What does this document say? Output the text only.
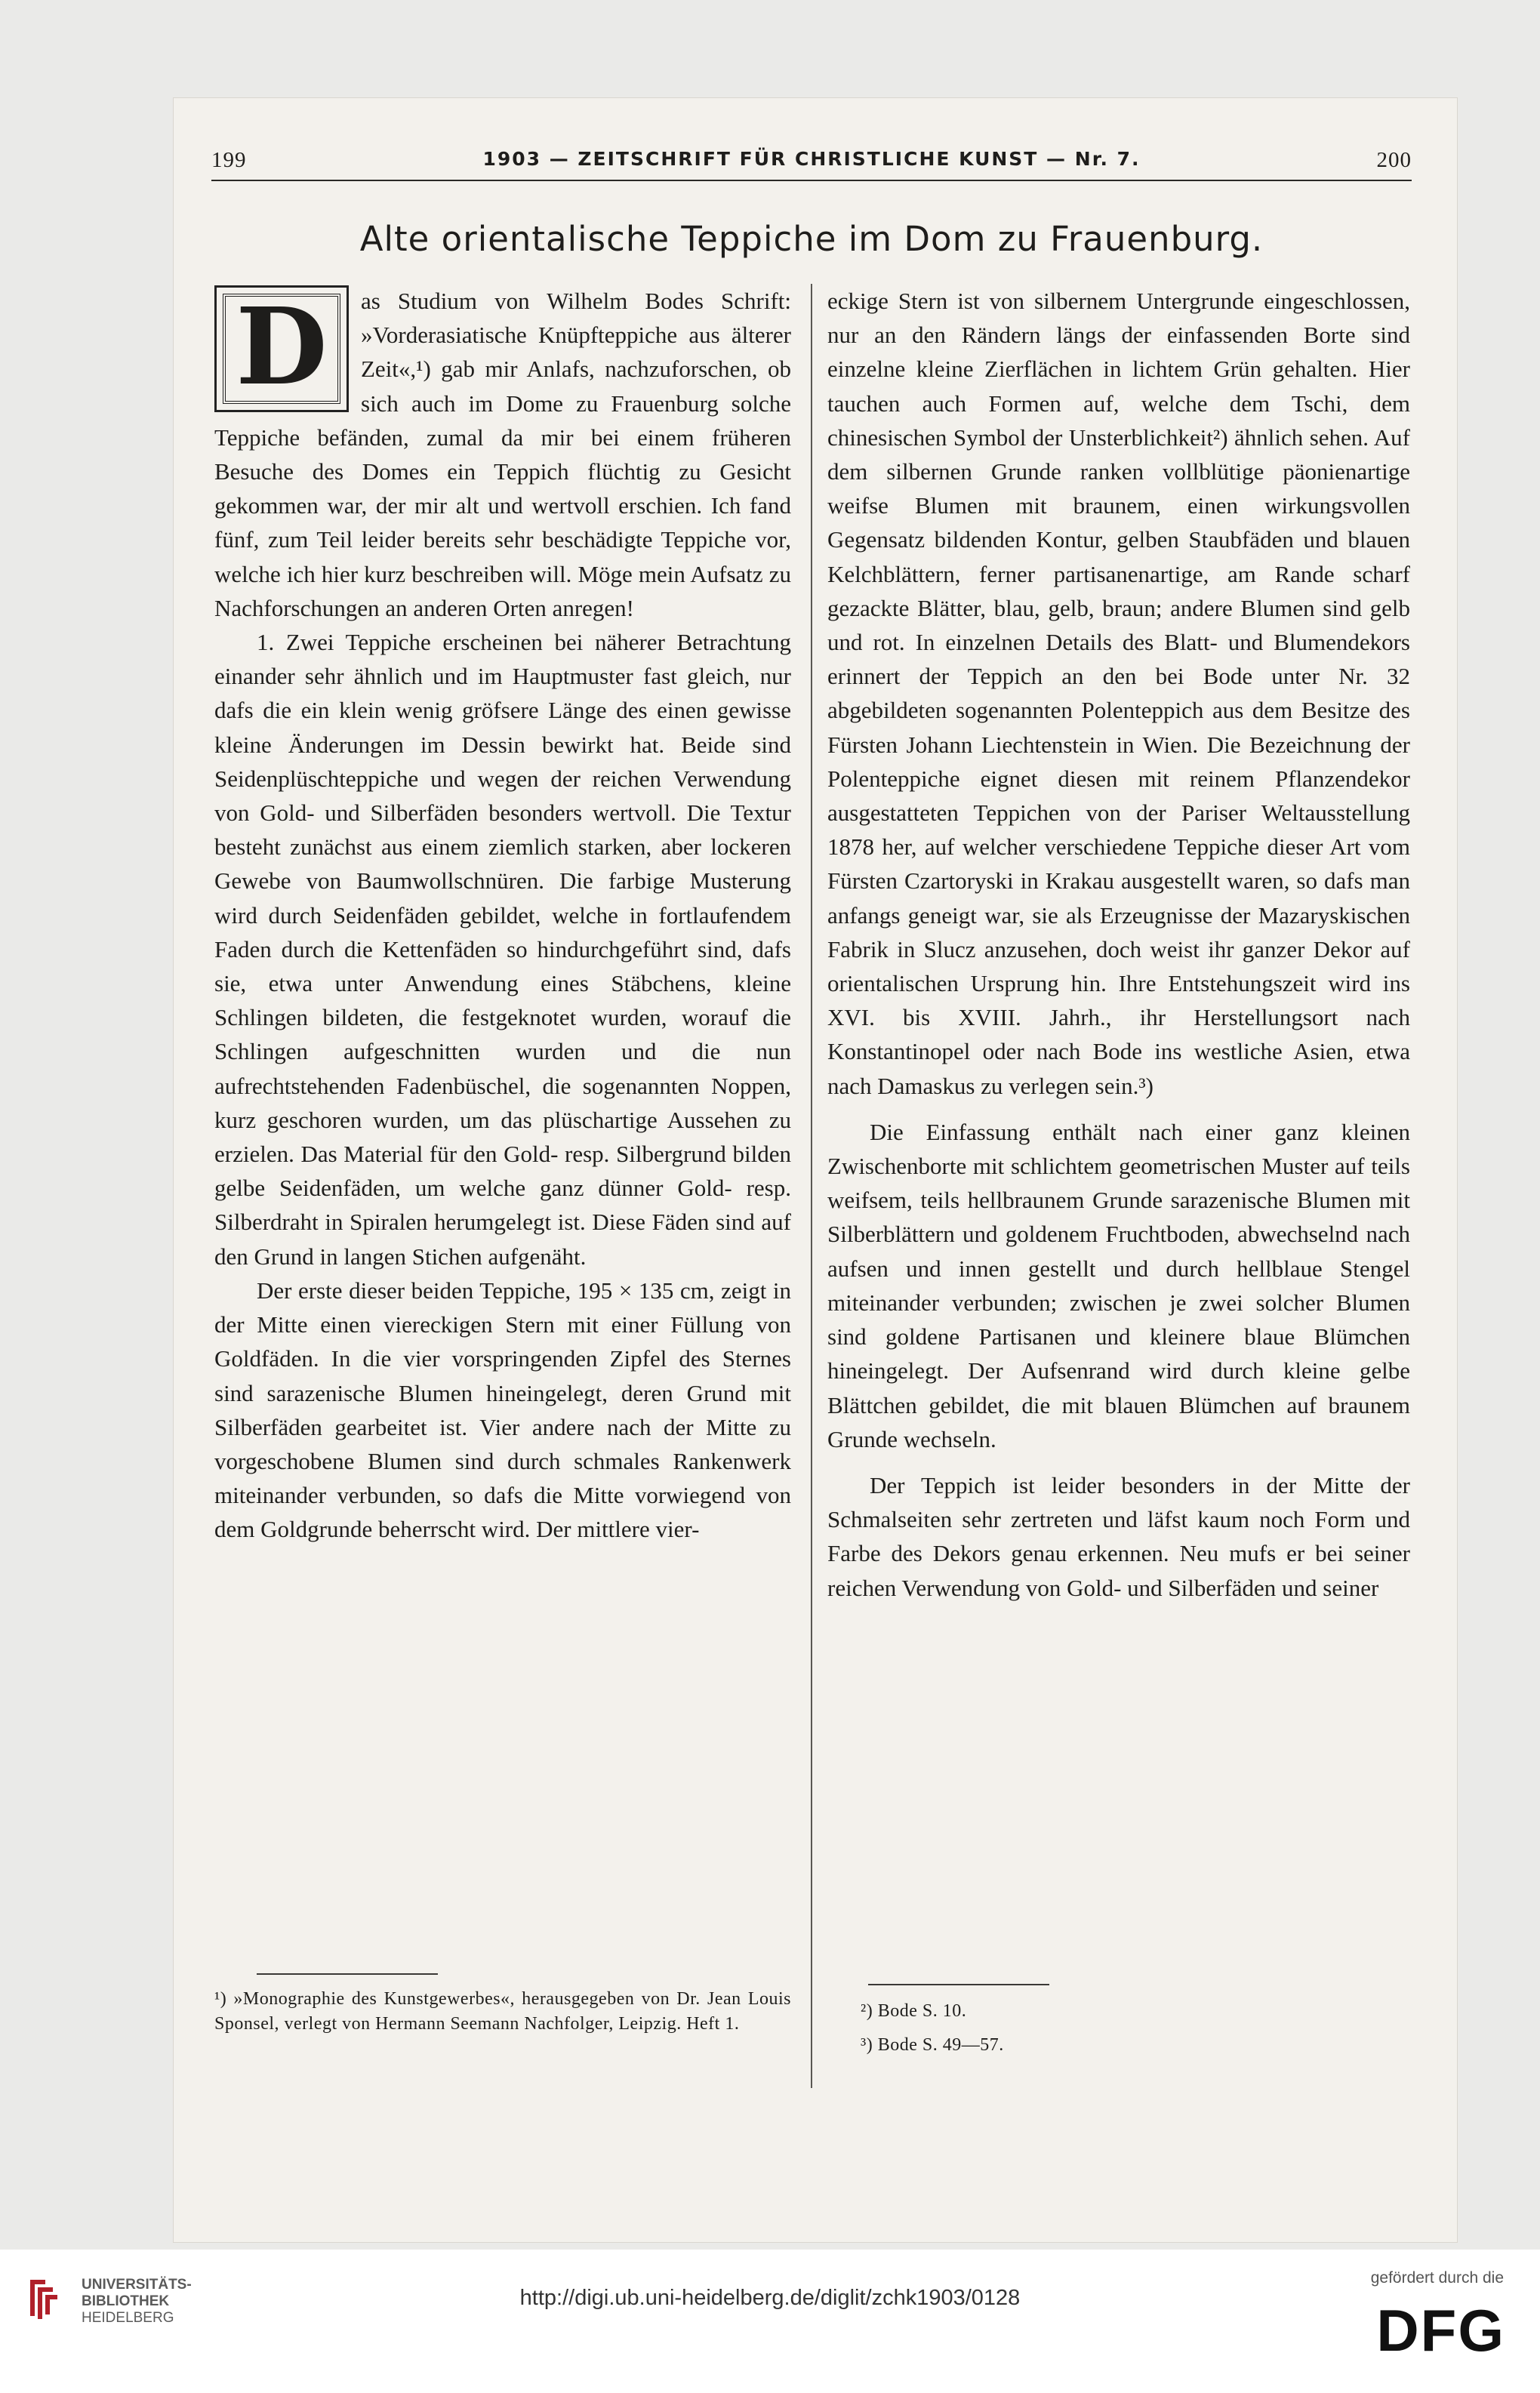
199	1903 — ZEITSCHRIFT FÜR CHRISTLICHE KUNST — Nr. 7.	200
Alte orientalische Teppiche im Dom zu Frauenburg.
D	as Studium von Wilhelm Bodes Schrift: »Vorderasiatische Knüpfteppiche aus älterer Zeit«,¹) gab mir Anlafs, nachzuforschen, ob sich auch im Dome zu Frauenburg solche Teppiche befänden, zumal da mir bei einem früheren Besuche des Domes ein Teppich flüchtig zu Gesicht gekommen war, der mir alt und wertvoll erschien. Ich fand fünf, zum Teil leider bereits sehr beschädigte Teppiche vor, welche ich hier kurz beschreiben will. Möge mein Aufsatz zu Nachforschungen an anderen Orten anregen!

1. Zwei Teppiche erscheinen bei näherer Betrachtung einander sehr ähnlich und im Hauptmuster fast gleich, nur dafs die ein klein wenig gröfsere Länge des einen gewisse kleine Änderungen im Dessin bewirkt hat. Beide sind Seidenplüschteppiche und wegen der reichen Verwendung von Gold- und Silberfäden besonders wertvoll. Die Textur besteht zunächst aus einem ziemlich starken, aber lockeren Gewebe von Baumwollschnüren. Die farbige Musterung wird durch Seidenfäden gebildet, welche in fortlaufendem Faden durch die Kettenfäden so hindurchgeführt sind, dafs sie, etwa unter Anwendung eines Stäbchens, kleine Schlingen bildeten, die festgeknotet wurden, worauf die Schlingen aufgeschnitten wurden und die nun aufrechtstehenden Fadenbüschel, die sogenannten Noppen, kurz geschoren wurden, um das plüschartige Aussehen zu erzielen. Das Material für den Gold- resp. Silbergrund bilden gelbe Seidenfäden, um welche ganz dünner Gold- resp. Silberdraht in Spiralen herumgelegt ist. Diese Fäden sind auf den Grund in langen Stichen aufgenäht.

Der erste dieser beiden Teppiche, 195 × 135 cm, zeigt in der Mitte einen viereckigen Stern mit einer Füllung von Goldfäden. In die vier vorspringenden Zipfel des Sternes sind sarazenische Blumen hineingelegt, deren Grund mit Silberfäden gearbeitet ist. Vier andere nach der Mitte zu vorgeschobene Blumen sind durch schmales Rankenwerk miteinander verbunden, so dafs die Mitte vorwiegend von dem Goldgrunde beherrscht wird. Der mittlere vier-

eckige Stern ist von silbernem Untergrunde eingeschlossen, nur an den Rändern längs der einfassenden Borte sind einzelne kleine Zierflächen in lichtem Grün gehalten. Hier tauchen auch Formen auf, welche dem Tschi, dem chinesischen Symbol der Unsterblichkeit²) ähnlich sehen. Auf dem silbernen Grunde ranken vollblütige päonienartige weifse Blumen mit braunem, einen wirkungsvollen Gegensatz bildenden Kontur, gelben Staubfäden und blauen Kelchblättern, ferner partisanenartige, am Rande scharf gezackte Blätter, blau, gelb, braun; andere Blumen sind gelb und rot. In einzelnen Details des Blatt- und Blumendekors erinnert der Teppich an den bei Bode unter Nr. 32 abgebildeten sogenannten Polenteppich aus dem Besitze des Fürsten Johann Liechtenstein in Wien. Die Bezeichnung der Polenteppiche eignet diesen mit reinem Pflanzendekor ausgestatteten Teppichen von der Pariser Weltausstellung 1878 her, auf welcher verschiedene Teppiche dieser Art vom Fürsten Czartoryski in Krakau ausgestellt waren, so dafs man anfangs geneigt war, sie als Erzeugnisse der Mazaryskischen Fabrik in Slucz anzusehen, doch weist ihr ganzer Dekor auf orientalischen Ursprung hin. Ihre Entstehungszeit wird ins XVI. bis XVIII. Jahrh., ihr Herstellungsort nach Konstantinopel oder nach Bode ins westliche Asien, etwa nach Damaskus zu verlegen sein.³)

Die Einfassung enthält nach einer ganz kleinen Zwischenborte mit schlichtem geometrischen Muster auf teils weifsem, teils hellbraunem Grunde sarazenische Blumen mit Silberblättern und goldenem Fruchtboden, abwechselnd nach aufsen und innen gestellt und durch hellblaue Stengel miteinander verbunden; zwischen je zwei solcher Blumen sind goldene Partisanen und kleinere blaue Blümchen hineingelegt. Der Aufsenrand wird durch kleine gelbe Blättchen gebildet, die mit blauen Blümchen auf braunem Grunde wechseln.

Der Teppich ist leider besonders in der Mitte der Schmalseiten sehr zertreten und läfst kaum noch Form und Farbe des Dekors genau erkennen. Neu mufs er bei seiner reichen Verwendung von Gold- und Silberfäden und seiner

¹) »Monographie des Kunstgewerbes«, herausgegeben von Dr. Jean Louis Sponsel, verlegt von Hermann Seemann Nachfolger, Leipzig. Heft 1.

²) Bode S. 10.

³) Bode S. 49—57.

UNIVERSITÄTS-
BIBLIOTHEK
HEIDELBERG
http://digi.ub.uni-heidelberg.de/diglit/zchk1903/0128
gefördert durch die
DFG
